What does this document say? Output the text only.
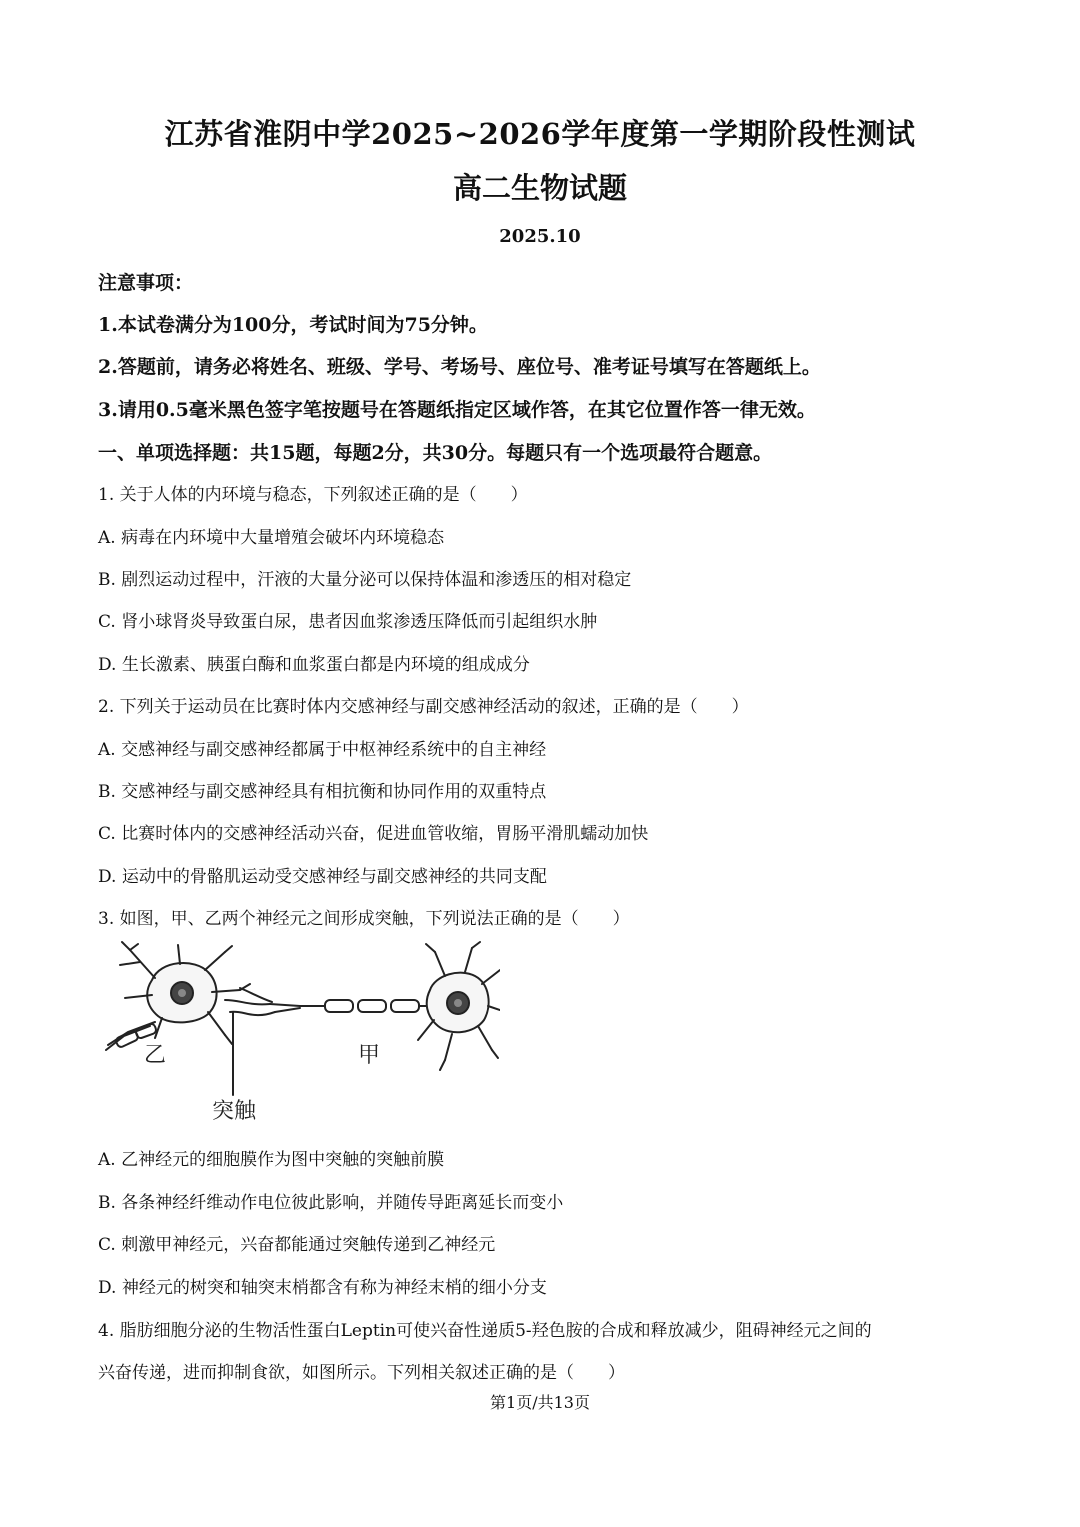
江苏省淮阴中学2025~2026学年度第一学期阶段性测试
高二生物试题
2025.10
注意事项：
1.本试卷满分为100分，考试时间为75分钟。
2.答题前，请务必将姓名、班级、学号、考场号、座位号、准考证号填写在答题纸上。
3.请用0.5毫米黑色签字笔按题号在答题纸指定区域作答，在其它位置作答一律无效。
一、单项选择题：共15题，每题2分，共30分。每题只有一个选项最符合题意。
1. 关于人体的内环境与稳态，下列叙述正确的是（　　）
A. 病毒在内环境中大量增殖会破坏内环境稳态
B. 剧烈运动过程中，汗液的大量分泌可以保持体温和渗透压的相对稳定
C. 肾小球肾炎导致蛋白尿，患者因血浆渗透压降低而引起组织水肿
D. 生长激素、胰蛋白酶和血浆蛋白都是内环境的组成成分
2. 下列关于运动员在比赛时体内交感神经与副交感神经活动的叙述，正确的是（　　）
A. 交感神经与副交感神经都属于中枢神经系统中的自主神经
B. 交感神经与副交感神经具有相抗衡和协同作用的双重特点
C. 比赛时体内的交感神经活动兴奋，促进血管收缩，胃肠平滑肌蠕动加快
D. 运动中的骨骼肌运动受交感神经与副交感神经的共同支配
3. 如图，甲、乙两个神经元之间形成突触，下列说法正确的是（　　）
乙	甲
突触
A. 乙神经元的细胞膜作为图中突触的突触前膜
B. 各条神经纤维动作电位彼此影响，并随传导距离延长而变小
C. 刺激甲神经元，兴奋都能通过突触传递到乙神经元
D. 神经元的树突和轴突末梢都含有称为神经末梢的细小分支
4. 脂肪细胞分泌的生物活性蛋白Leptin可使兴奋性递质5-羟色胺的合成和释放减少，阻碍神经元之间的
兴奋传递，进而抑制食欲，如图所示。下列相关叙述正确的是（　　）
第1页/共13页
